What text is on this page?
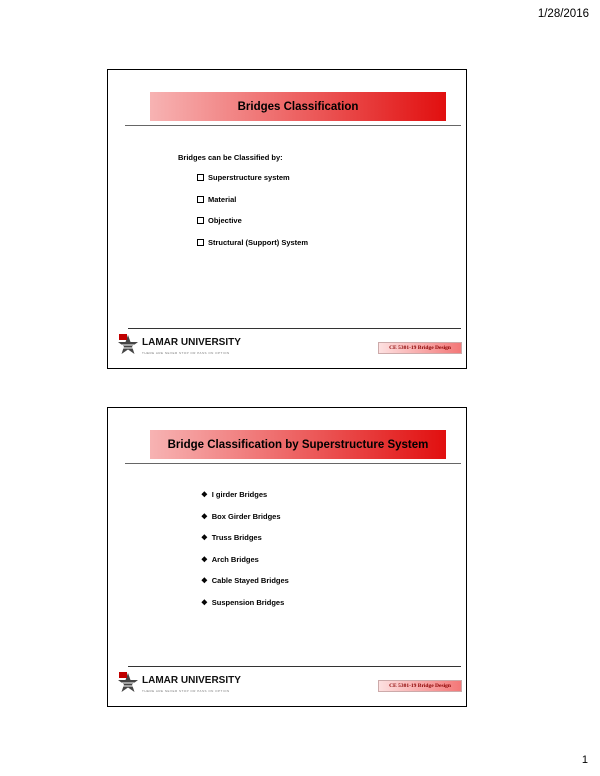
1/28/2016
Bridges Classification
Bridges can be Classified by:
Superstructure system
Material
Objective
Structural (Support) System
LAMAR UNIVERSITY
THERE ARE NEVER STOP OR PASS ON OPTION
CE 5301-19 Bridge Design
Bridge Classification by Superstructure System
❖ I girder Bridges
❖ Box Girder Bridges
❖ Truss Bridges
❖ Arch Bridges
❖ Cable Stayed Bridges
❖ Suspension Bridges
LAMAR UNIVERSITY
THERE ARE NEVER STOP OR PASS ON OPTION
CE 5301-19 Bridge Design
1
